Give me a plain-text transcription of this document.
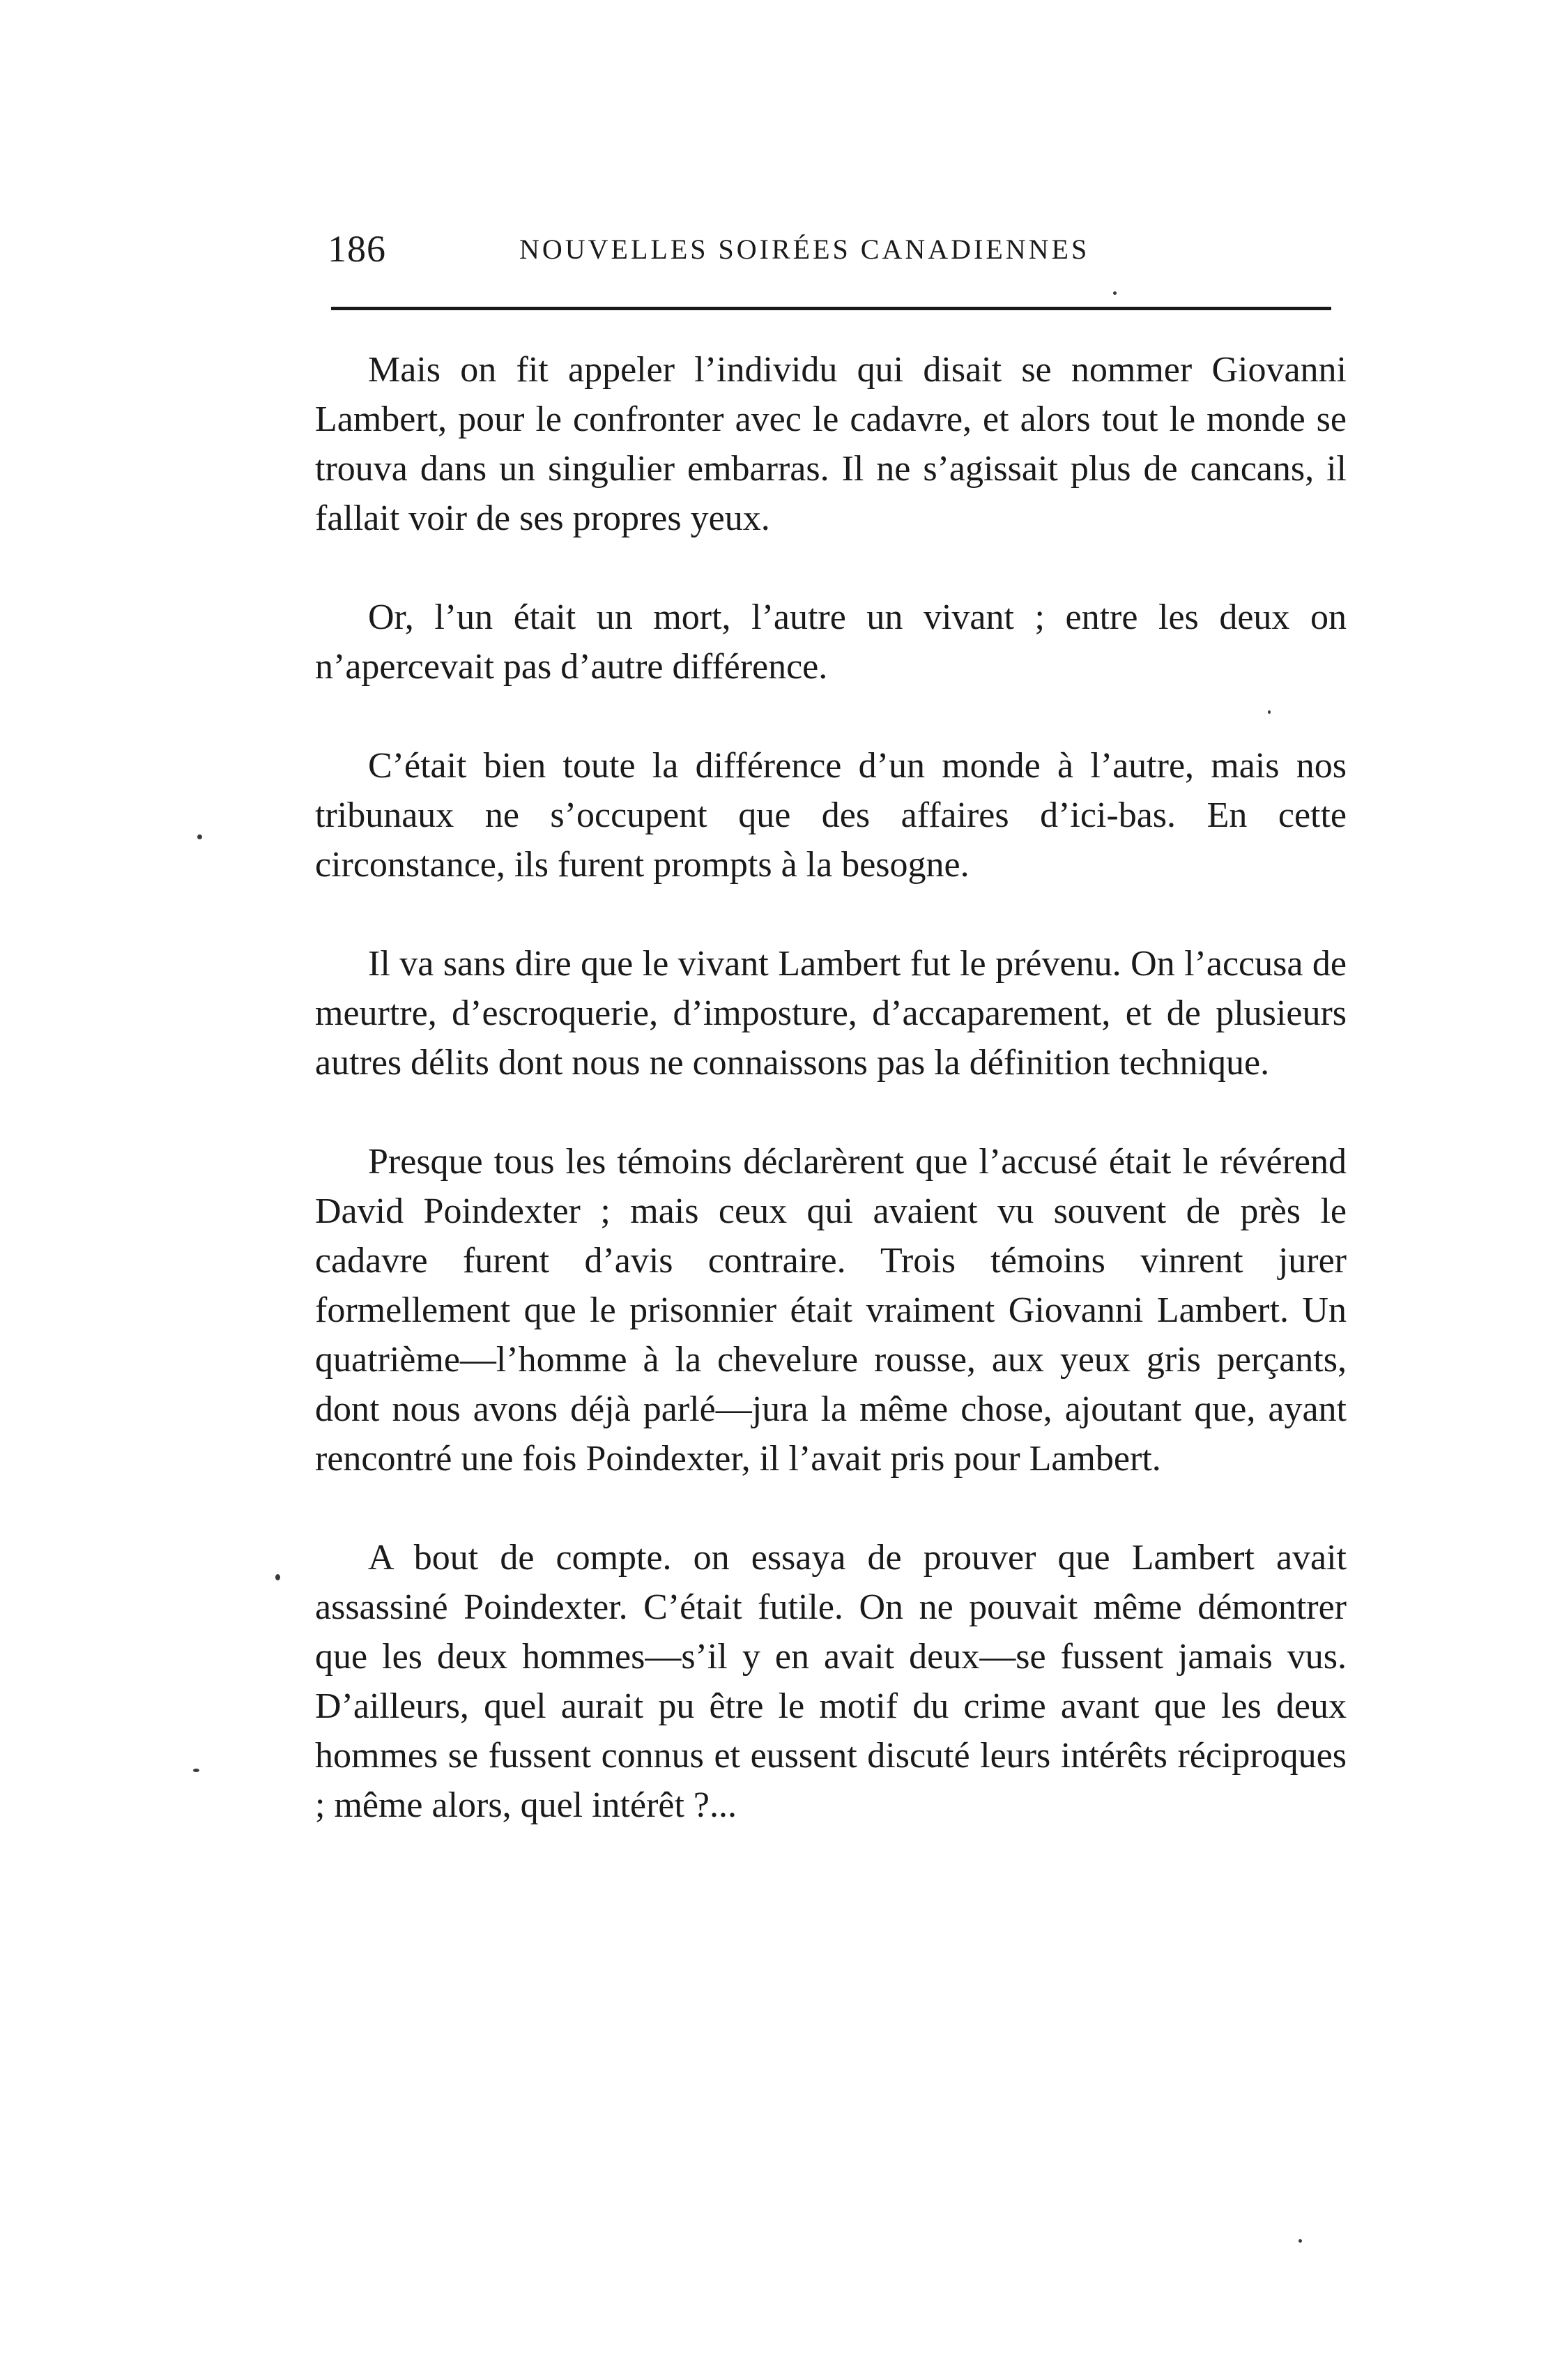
186	NOUVELLES SOIRÉES CANADIENNES

Mais on fit appeler l’individu qui disait se nommer Giovanni Lambert, pour le confronter avec le cadavre, et alors tout le monde se trouva dans un singulier embarras. Il ne s’agissait plus de cancans, il fallait voir de ses propres yeux.

Or, l’un était un mort, l’autre un vivant ; entre les deux on n’apercevait pas d’autre différence.

C’était bien toute la différence d’un monde à l’autre, mais nos tribunaux ne s’occupent que des affaires d’ici-bas. En cette circonstance, ils furent prompts à la besogne.

Il va sans dire que le vivant Lambert fut le prévenu. On l’accusa de meurtre, d’escroquerie, d’imposture, d’accaparement, et de plusieurs autres délits dont nous ne connaissons pas la définition technique.

Presque tous les témoins déclarèrent que l’accusé était le révérend David Poindexter ; mais ceux qui avaient vu souvent de près le cadavre furent d’avis contraire. Trois témoins vinrent jurer formellement que le prisonnier était vraiment Giovanni Lambert. Un quatrième—l’homme à la chevelure rousse, aux yeux gris perçants, dont nous avons déjà parlé—jura la même chose, ajoutant que, ayant rencontré une fois Poindexter, il l’avait pris pour Lambert.

A bout de compte. on essaya de prouver que Lambert avait assassiné Poindexter. C’était futile. On ne pouvait même démontrer que les deux hommes—s’il y en avait deux—se fussent jamais vus. D’ailleurs, quel aurait pu être le motif du crime avant que les deux hommes se fussent connus et eussent discuté leurs intérêts réciproques ; même alors, quel intérêt ?...
